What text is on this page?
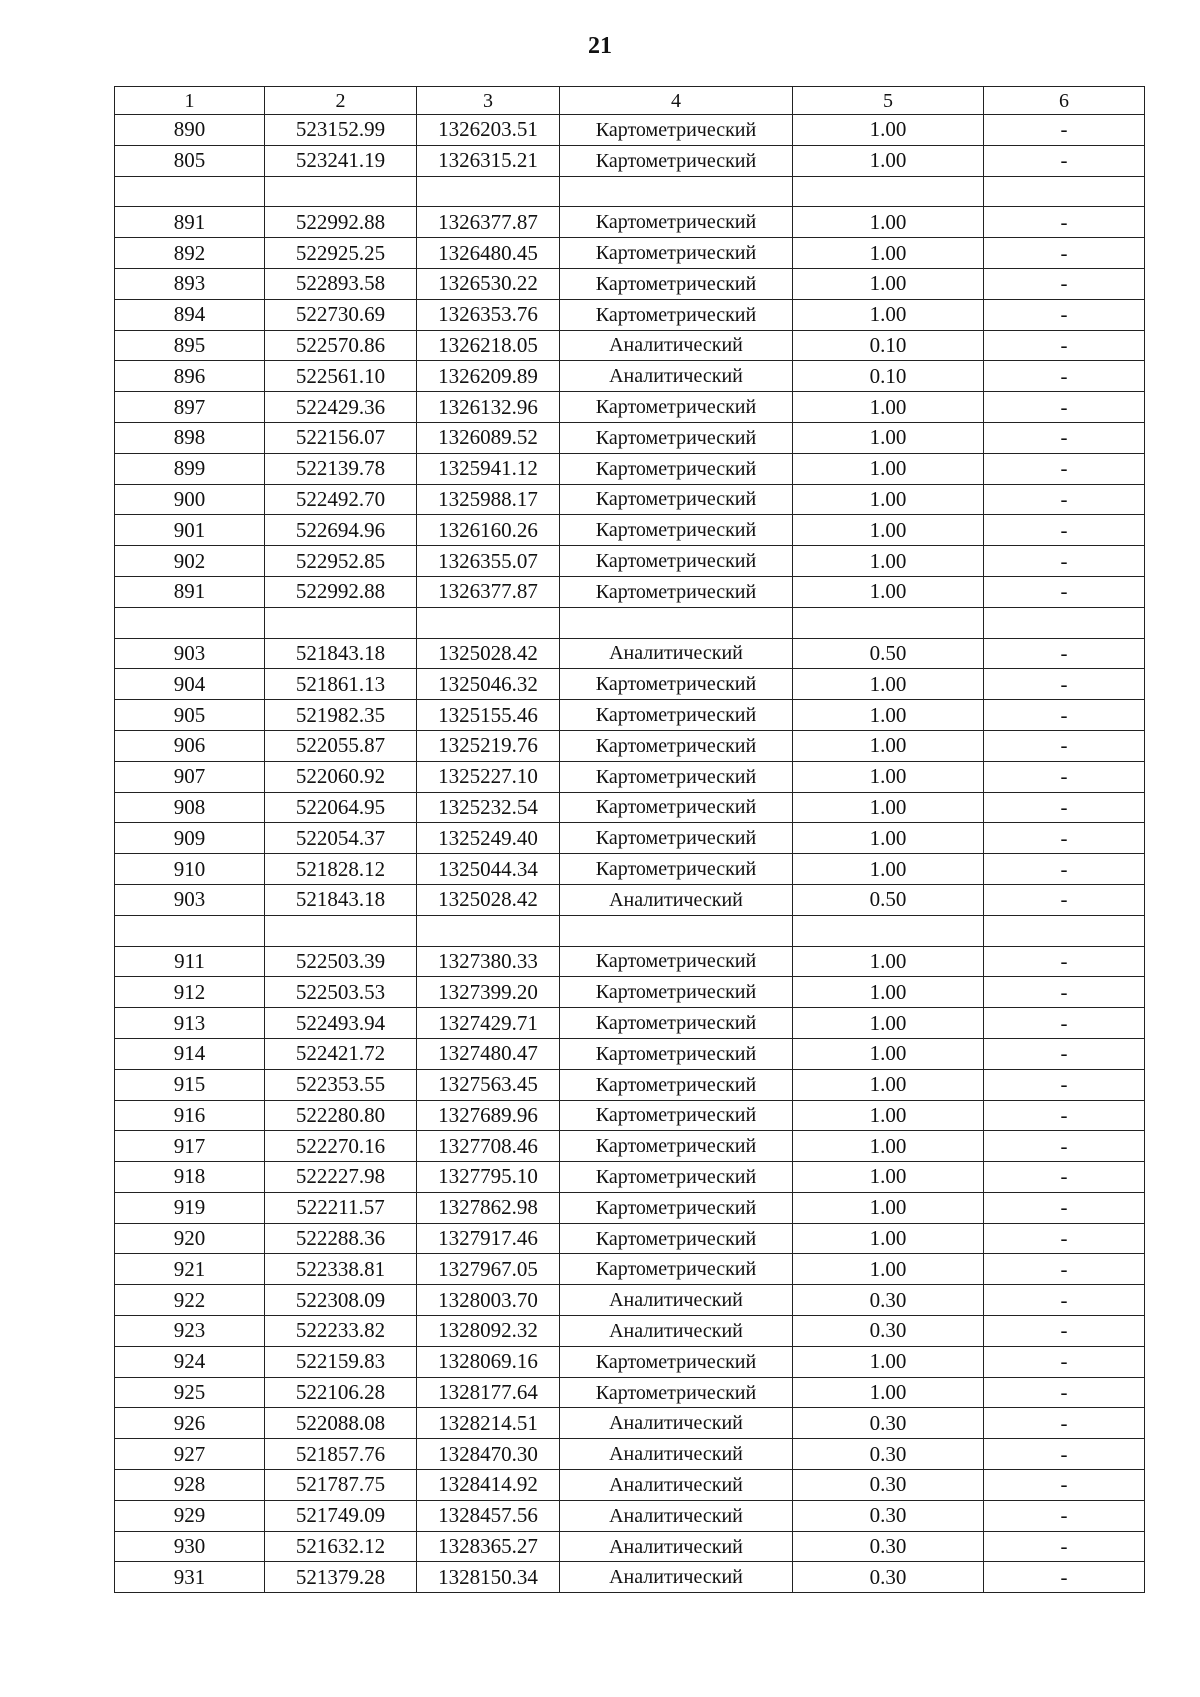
21
1	2	3	4	5	6
890	523152.99	1326203.51	Картометрический	1.00	-
805	523241.19	1326315.21	Картометрический	1.00	-

891	522992.88	1326377.87	Картометрический	1.00	-
892	522925.25	1326480.45	Картометрический	1.00	-
893	522893.58	1326530.22	Картометрический	1.00	-
894	522730.69	1326353.76	Картометрический	1.00	-
895	522570.86	1326218.05	Аналитический	0.10	-
896	522561.10	1326209.89	Аналитический	0.10	-
897	522429.36	1326132.96	Картометрический	1.00	-
898	522156.07	1326089.52	Картометрический	1.00	-
899	522139.78	1325941.12	Картометрический	1.00	-
900	522492.70	1325988.17	Картометрический	1.00	-
901	522694.96	1326160.26	Картометрический	1.00	-
902	522952.85	1326355.07	Картометрический	1.00	-
891	522992.88	1326377.87	Картометрический	1.00	-

903	521843.18	1325028.42	Аналитический	0.50	-
904	521861.13	1325046.32	Картометрический	1.00	-
905	521982.35	1325155.46	Картометрический	1.00	-
906	522055.87	1325219.76	Картометрический	1.00	-
907	522060.92	1325227.10	Картометрический	1.00	-
908	522064.95	1325232.54	Картометрический	1.00	-
909	522054.37	1325249.40	Картометрический	1.00	-
910	521828.12	1325044.34	Картометрический	1.00	-
903	521843.18	1325028.42	Аналитический	0.50	-

911	522503.39	1327380.33	Картометрический	1.00	-
912	522503.53	1327399.20	Картометрический	1.00	-
913	522493.94	1327429.71	Картометрический	1.00	-
914	522421.72	1327480.47	Картометрический	1.00	-
915	522353.55	1327563.45	Картометрический	1.00	-
916	522280.80	1327689.96	Картометрический	1.00	-
917	522270.16	1327708.46	Картометрический	1.00	-
918	522227.98	1327795.10	Картометрический	1.00	-
919	522211.57	1327862.98	Картометрический	1.00	-
920	522288.36	1327917.46	Картометрический	1.00	-
921	522338.81	1327967.05	Картометрический	1.00	-
922	522308.09	1328003.70	Аналитический	0.30	-
923	522233.82	1328092.32	Аналитический	0.30	-
924	522159.83	1328069.16	Картометрический	1.00	-
925	522106.28	1328177.64	Картометрический	1.00	-
926	522088.08	1328214.51	Аналитический	0.30	-
927	521857.76	1328470.30	Аналитический	0.30	-
928	521787.75	1328414.92	Аналитический	0.30	-
929	521749.09	1328457.56	Аналитический	0.30	-
930	521632.12	1328365.27	Аналитический	0.30	-
931	521379.28	1328150.34	Аналитический	0.30	-
